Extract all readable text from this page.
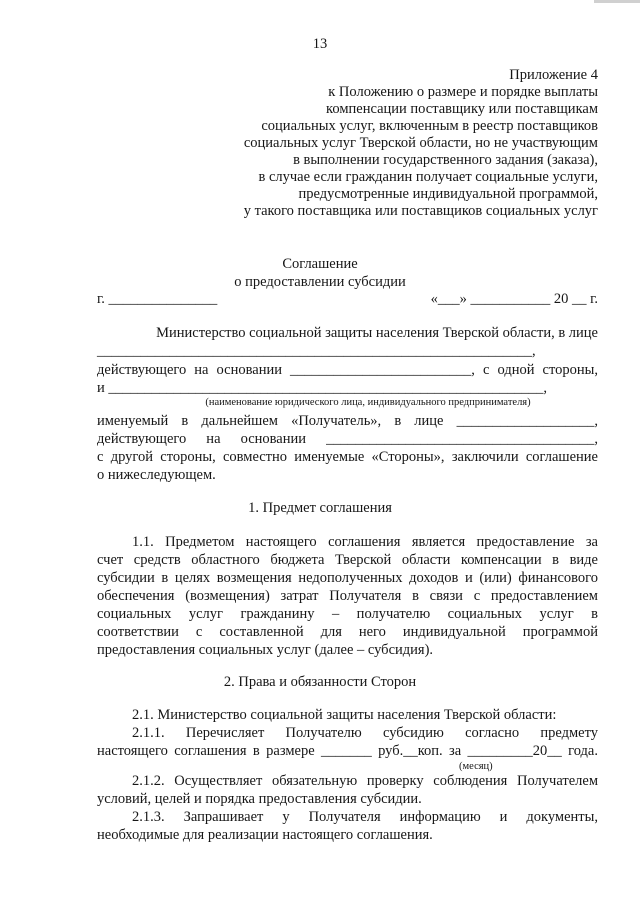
13
Приложение 4
к Положению о размере и порядке выплаты
компенсации поставщику или поставщикам
социальных услуг, включенным в реестр поставщиков
социальных услуг Тверской области, но не участвующим
в выполнении государственного задания (заказа),
в случае если гражданин получает социальные услуги,
предусмотренные индивидуальной программой,
у такого поставщика или поставщиков социальных услуг
Соглашение
о предоставлении субсидии
г. _______________	«___» ___________ 20 __ г.
Министерство социальной защиты населения Тверской области, в лице
____________________________________________________________,
действующего на основании _________________________, с одной стороны,
и ____________________________________________________________,
(наименование юридического лица, индивидуального предпринимателя)
именуемый в дальнейшем «Получатель», в лице ___________________,
действующего на основании _____________________________________,
с другой стороны, совместно именуемые «Стороны», заключили соглашение
о нижеследующем.
1. Предмет соглашения
1.1. Предметом настоящего соглашения является предоставление за
счет средств областного бюджета Тверской области компенсации в виде
субсидии в целях возмещения недополученных доходов и (или) финансового
обеспечения (возмещения) затрат Получателя в связи с предоставлением
социальных услуг гражданину – получателю социальных услуг в
соответствии с составленной для него индивидуальной программой
предоставления социальных услуг (далее – субсидия).
2. Права и обязанности Сторон
2.1. Министерство социальной защиты населения Тверской области:
2.1.1. Перечисляет Получателю субсидию согласно предмету
настоящего соглашения в размере _______ руб.__коп. за _________20__ года.
(месяц)
2.1.2. Осуществляет обязательную проверку соблюдения Получателем
условий, целей и порядка предоставления субсидии.
2.1.3. Запрашивает у Получателя информацию и документы,
необходимые для реализации настоящего соглашения.
